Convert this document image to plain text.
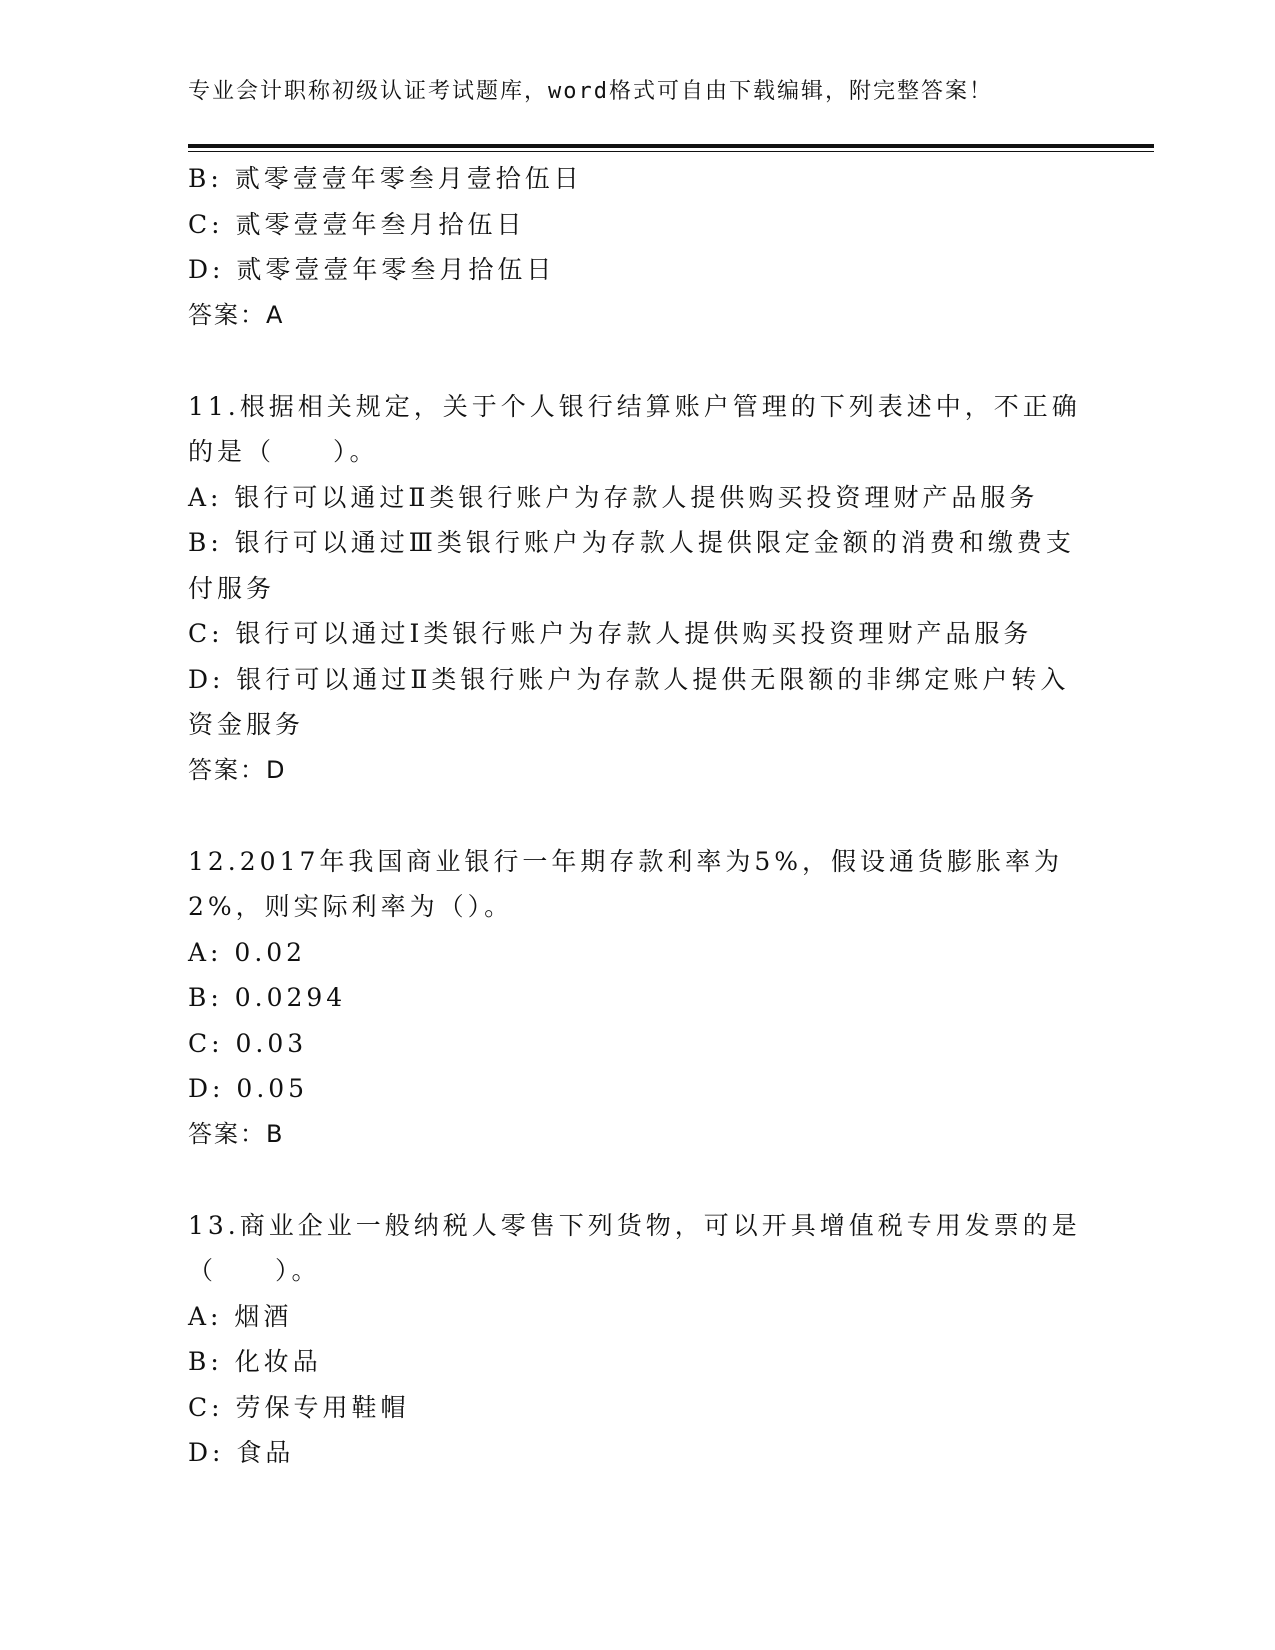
专业会计职称初级认证考试题库，word格式可自由下载编辑，附完整答案！
B: 贰零壹壹年零叁月壹拾伍日
C: 贰零壹壹年叁月拾伍日
D: 贰零壹壹年零叁月拾伍日
答案：A
11.根据相关规定，关于个人银行结算账户管理的下列表述中，不正确的是（　　）。
A: 银行可以通过Ⅱ类银行账户为存款人提供购买投资理财产品服务
B: 银行可以通过Ⅲ类银行账户为存款人提供限定金额的消费和缴费支付服务
C: 银行可以通过Ⅰ类银行账户为存款人提供购买投资理财产品服务
D: 银行可以通过Ⅱ类银行账户为存款人提供无限额的非绑定账户转入资金服务
答案：D
12.2017年我国商业银行一年期存款利率为5%，假设通货膨胀率为2%，则实际利率为（）。
A: 0.02
B: 0.0294
C: 0.03
D: 0.05
答案：B
13.商业企业一般纳税人零售下列货物，可以开具增值税专用发票的是（　　）。
A: 烟酒
B: 化妆品
C: 劳保专用鞋帽
D: 食品
